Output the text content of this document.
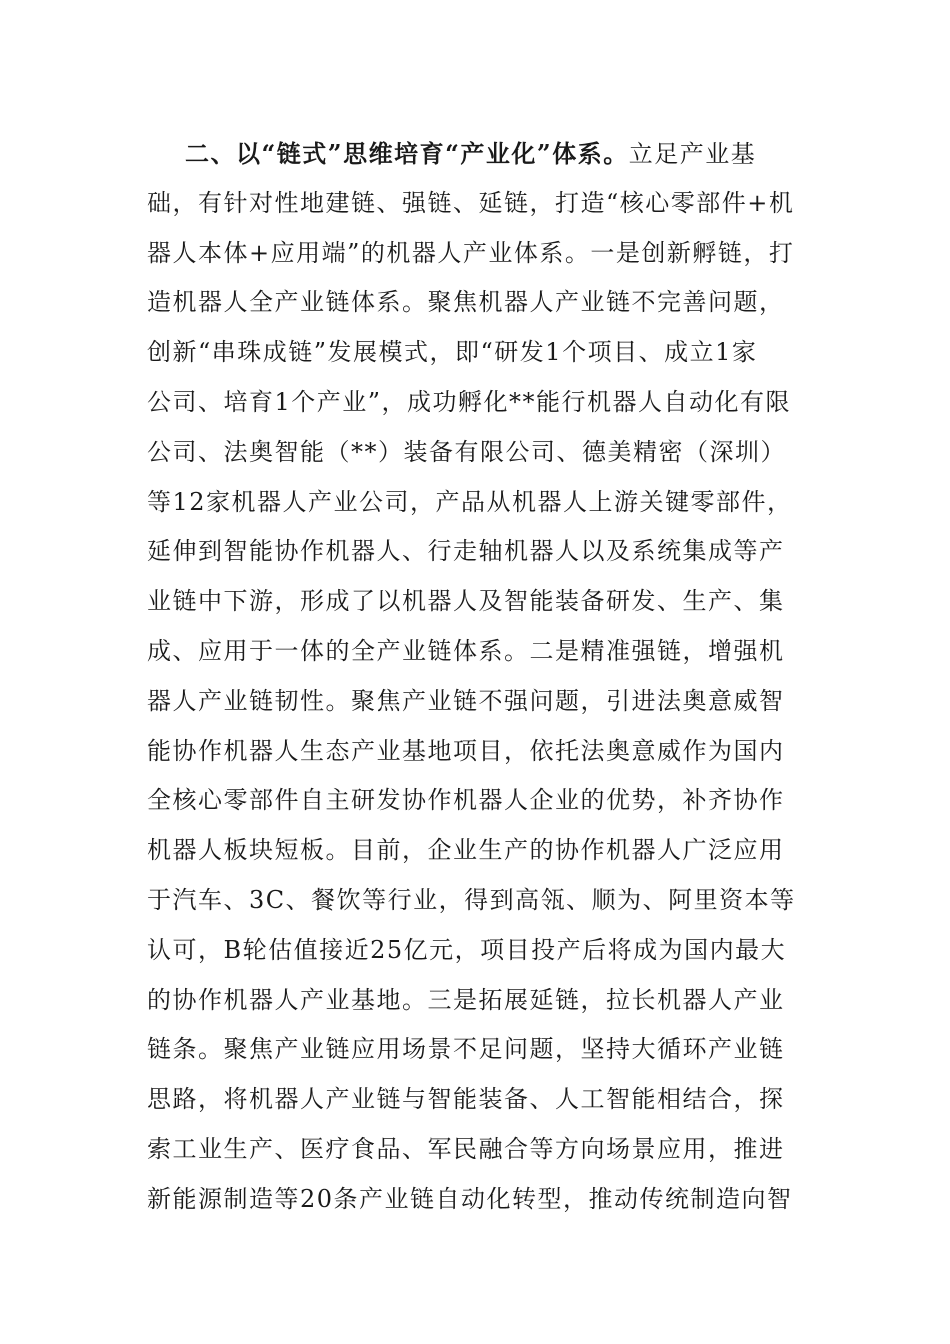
二、以“链式”思维培育“产业化”体系。立足产业基
础，有针对性地建链、强链、延链，打造“核心零部件+机
器人本体+应用端”的机器人产业体系。一是创新孵链，打
造机器人全产业链体系。聚焦机器人产业链不完善问题，
创新“串珠成链”发展模式，即“研发1个项目、成立1家
公司、培育1个产业”，成功孵化**能行机器人自动化有限
公司、法奥智能（**）装备有限公司、德美精密（深圳）
等12家机器人产业公司，产品从机器人上游关键零部件，
延伸到智能协作机器人、行走轴机器人以及系统集成等产
业链中下游，形成了以机器人及智能装备研发、生产、集
成、应用于一体的全产业链体系。二是精准强链，增强机
器人产业链韧性。聚焦产业链不强问题，引进法奥意威智
能协作机器人生态产业基地项目，依托法奥意威作为国内
全核心零部件自主研发协作机器人企业的优势，补齐协作
机器人板块短板。目前，企业生产的协作机器人广泛应用
于汽车、3C、餐饮等行业，得到高瓴、顺为、阿里资本等
认可，B轮估值接近25亿元，项目投产后将成为国内最大
的协作机器人产业基地。三是拓展延链，拉长机器人产业
链条。聚焦产业链应用场景不足问题，坚持大循环产业链
思路，将机器人产业链与智能装备、人工智能相结合，探
索工业生产、医疗食品、军民融合等方向场景应用，推进
新能源制造等20条产业链自动化转型，推动传统制造向智
